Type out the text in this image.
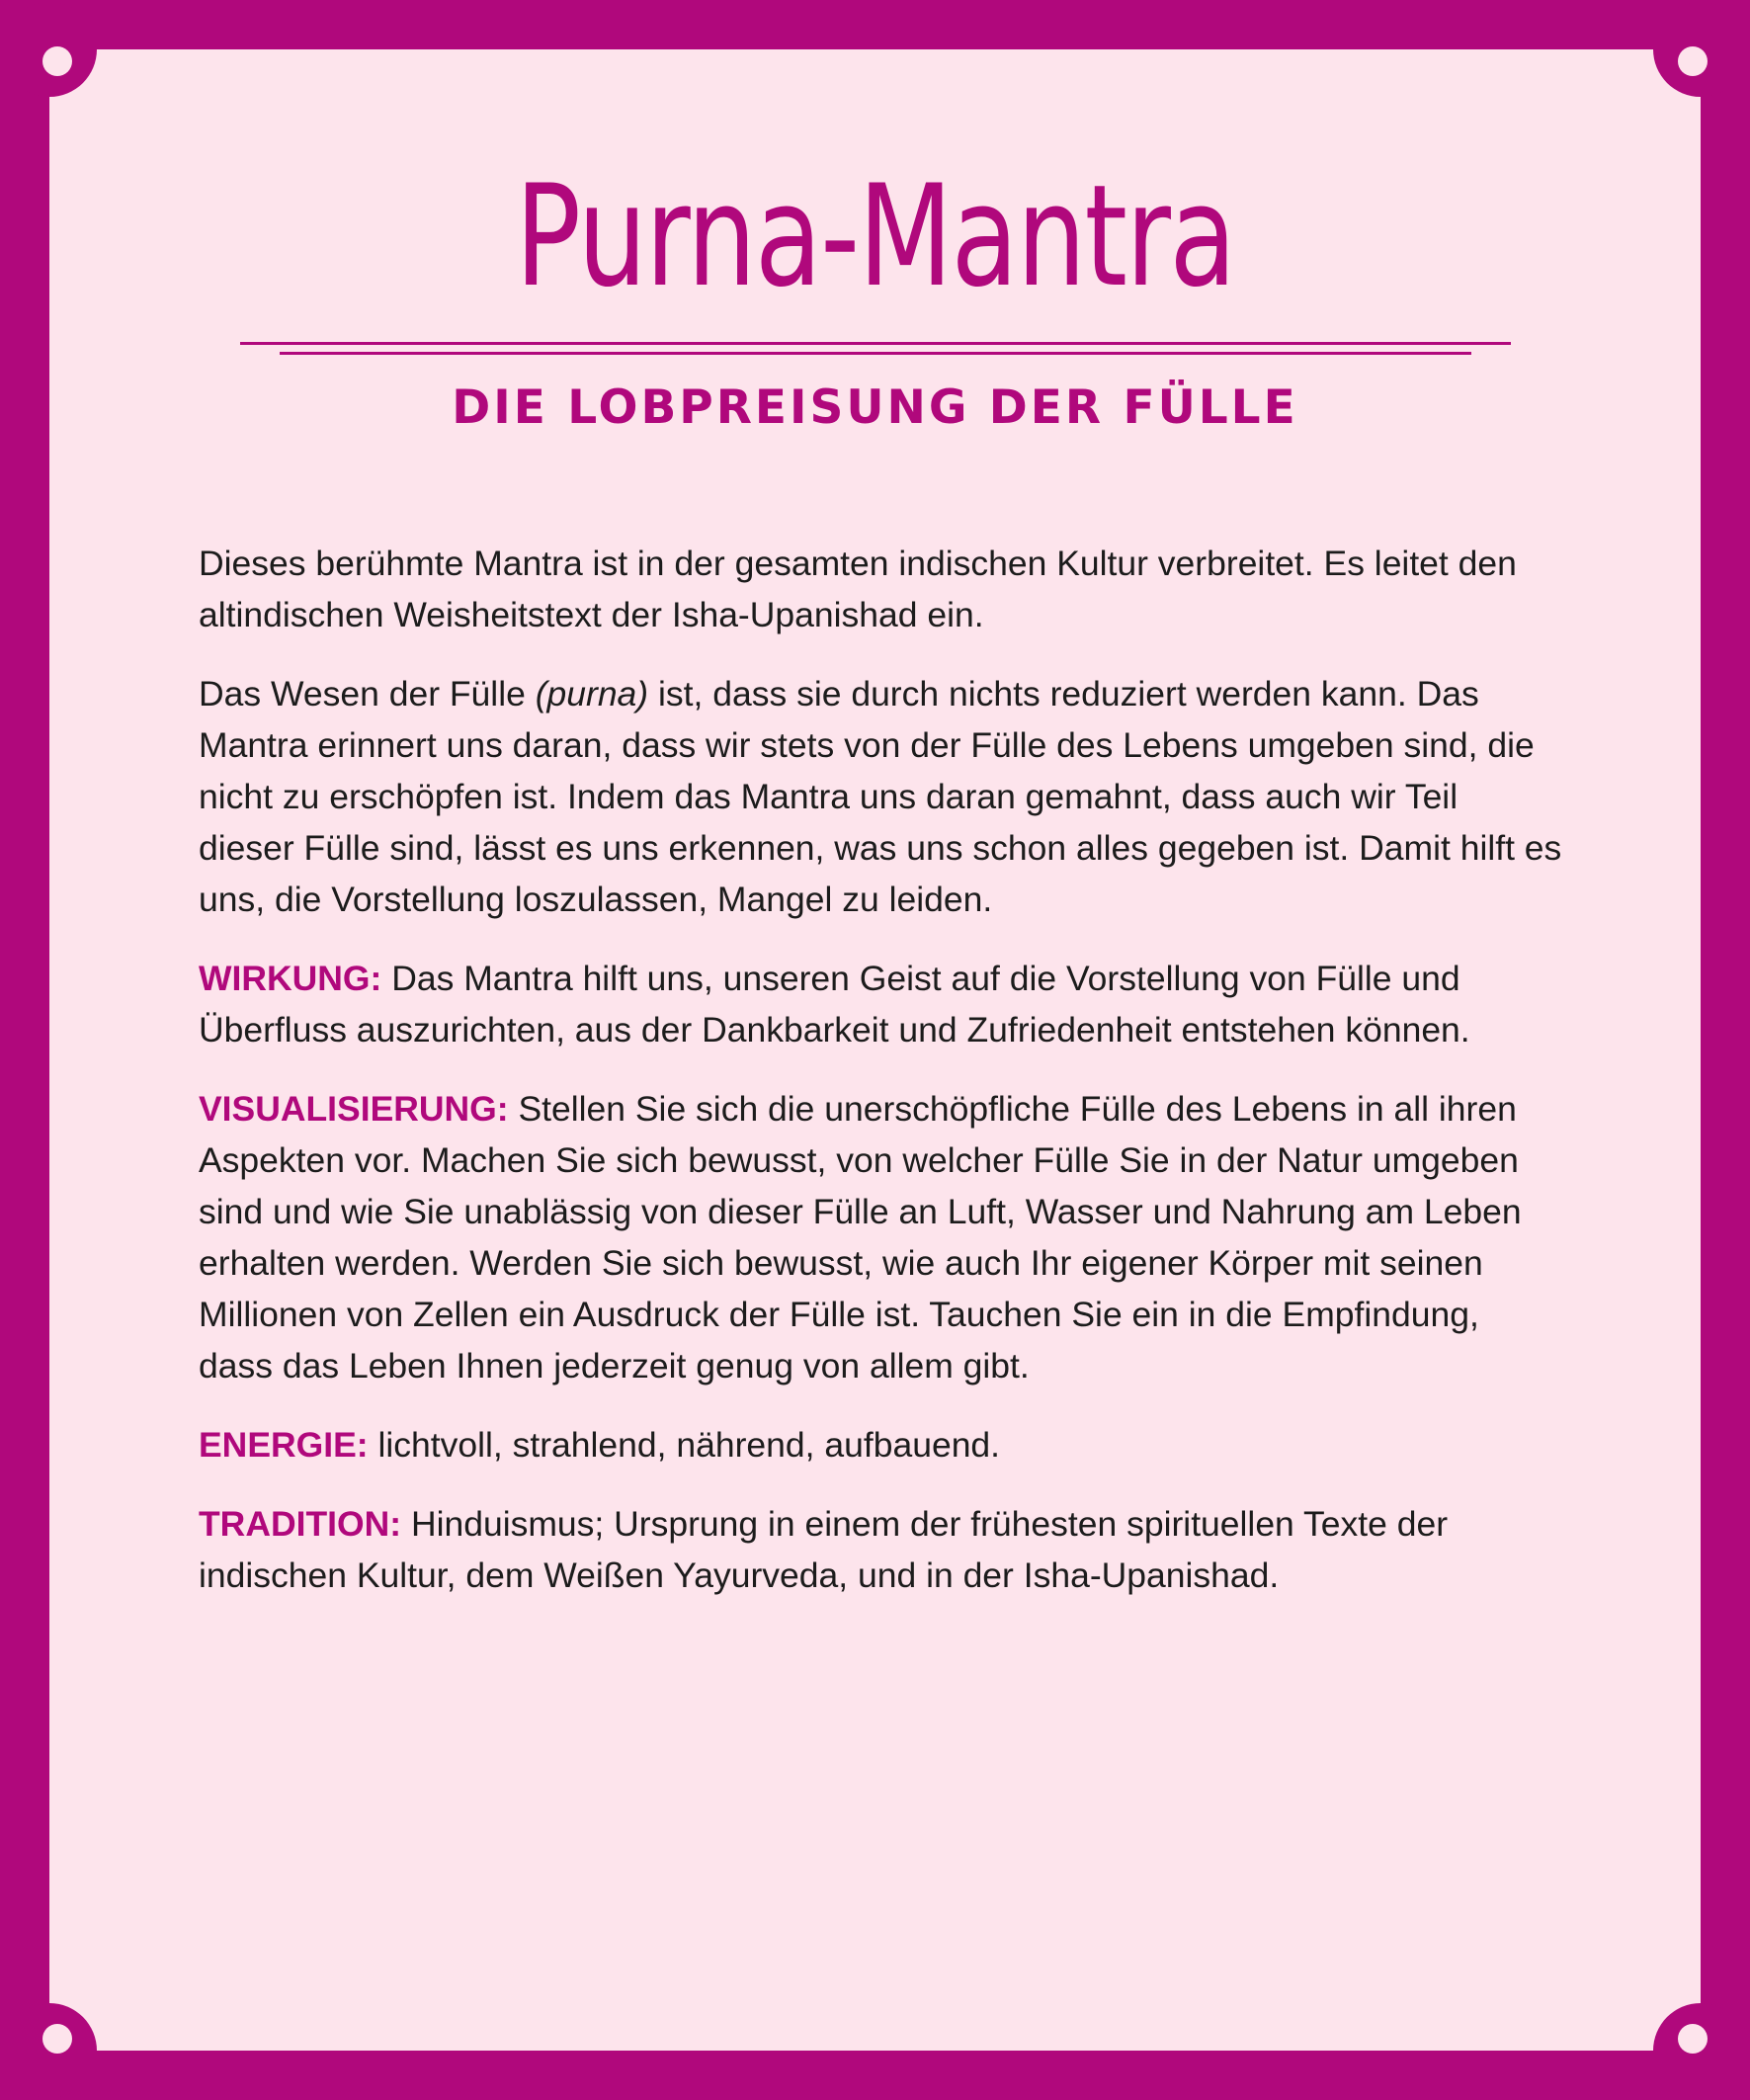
Purna-Mantra
DIE LOBPREISUNG DER FÜLLE

Dieses berühmte Mantra ist in der gesamten indischen Kultur verbreitet. Es leitet den altindischen Weisheitstext der Isha-Upanishad ein.

Das Wesen der Fülle (purna) ist, dass sie durch nichts reduziert werden kann. Das Mantra erinnert uns daran, dass wir stets von der Fülle des Lebens umgeben sind, die nicht zu erschöpfen ist. Indem das Mantra uns daran gemahnt, dass auch wir Teil dieser Fülle sind, lässt es uns erkennen, was uns schon alles gegeben ist. Damit hilft es uns, die Vorstellung loszulassen, Mangel zu leiden.

WIRKUNG: Das Mantra hilft uns, unseren Geist auf die Vorstellung von Fülle und Überfluss auszurichten, aus der Dankbarkeit und Zufriedenheit entstehen können.

VISUALISIERUNG: Stellen Sie sich die unerschöpfliche Fülle des Lebens in all ihren Aspekten vor. Machen Sie sich bewusst, von welcher Fülle Sie in der Natur umgeben sind und wie Sie unablässig von dieser Fülle an Luft, Wasser und Nahrung am Leben erhalten werden. Werden Sie sich bewusst, wie auch Ihr eigener Körper mit seinen Millionen von Zellen ein Ausdruck der Fülle ist. Tauchen Sie ein in die Empfindung, dass das Leben Ihnen jederzeit genug von allem gibt.

ENERGIE: lichtvoll, strahlend, nährend, aufbauend.

TRADITION: Hinduismus; Ursprung in einem der frühesten spirituellen Texte der indischen Kultur, dem Weißen Yayurveda, und in der Isha-Upanishad.
